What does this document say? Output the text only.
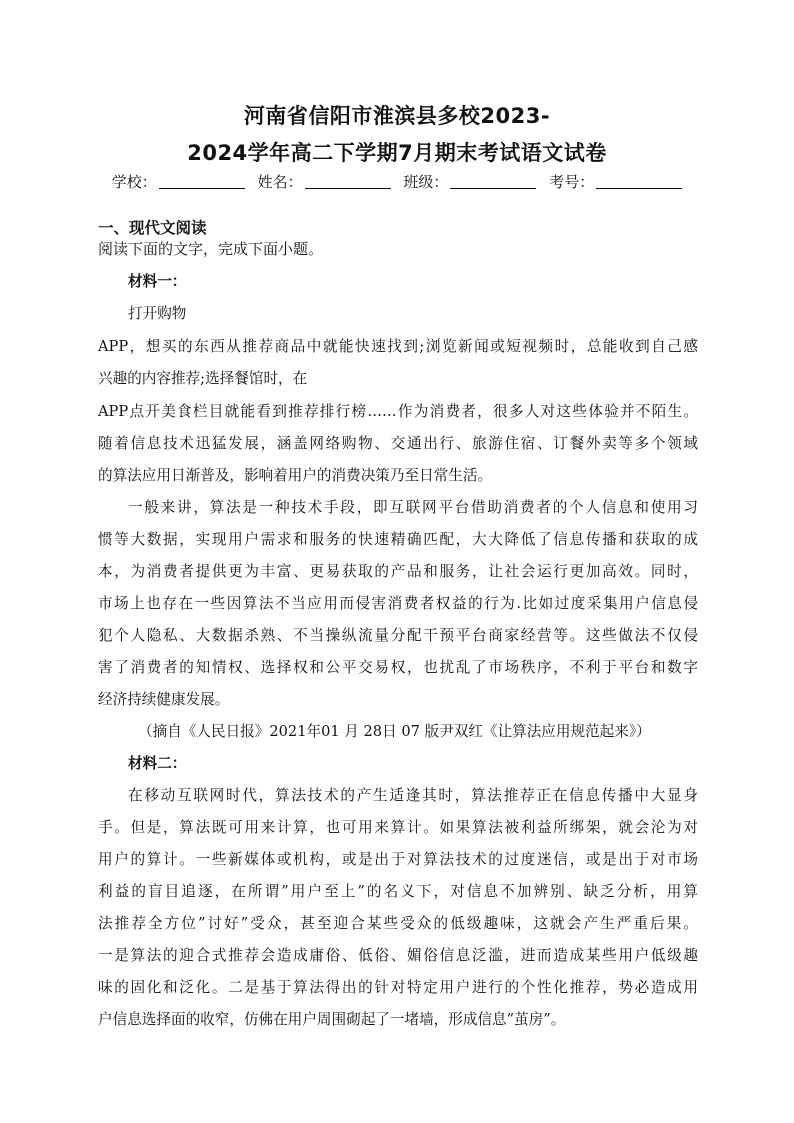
河南省信阳市淮滨县多校2023-
2024学年高二下学期7月期末考试语文试卷
学校：	姓名：	班级：	考号：
一、现代文阅读
阅读下面的文字，完成下面小题。
材料一：
打开购物
APP，想买的东西从推荐商品中就能快速找到;浏览新闻或短视频时，总能收到自己感
兴趣的内容推荐;选择餐馆时，在
APP点开美食栏目就能看到推荐排行榜……作为消费者，很多人对这些体验并不陌生。
随着信息技术迅猛发展，涵盖网络购物、交通出行、旅游住宿、订餐外卖等多个领域
的算法应用日渐普及，影响着用户的消费决策乃至日常生活。
一般来讲，算法是一种技术手段，即互联网平台借助消费者的个人信息和使用习
惯等大数据，实现用户需求和服务的快速精确匹配，大大降低了信息传播和获取的成
本，为消费者提供更为丰富、更易获取的产品和服务，让社会运行更加高效。同时，
市场上也存在一些因算法不当应用而侵害消费者权益的行为.比如过度采集用户信息侵
犯个人隐私、大数据杀熟、不当操纵流量分配干预平台商家经营等。这些做法不仅侵
害了消费者的知情权、选择权和公平交易权，也扰乱了市场秩序，不利于平台和数字
经济持续健康发展。
（摘自《人民日报》2021年01 月 28日 07 版尹双红《让算法应用规范起来》）
材料二：
在移动互联网时代，算法技术的产生适逢其时，算法推荐正在信息传播中大显身
手。但是，算法既可用来计算，也可用来算计。如果算法被利益所绑架，就会沦为对
用户的算计。一些新媒体或机构，或是出于对算法技术的过度迷信，或是出于对市场
利益的盲目追逐，在所谓”用户至上”的名义下，对信息不加辨别、缺乏分析，用算
法推荐全方位”讨好”受众，甚至迎合某些受众的低级趣味，这就会产生严重后果。
一是算法的迎合式推荐会造成庸俗、低俗、媚俗信息泛滥，进而造成某些用户低级趣
味的固化和泛化。二是基于算法得出的针对特定用户进行的个性化推荐，势必造成用
户信息选择面的收窄，仿佛在用户周围砌起了一堵墙，形成信息”茧房”。
